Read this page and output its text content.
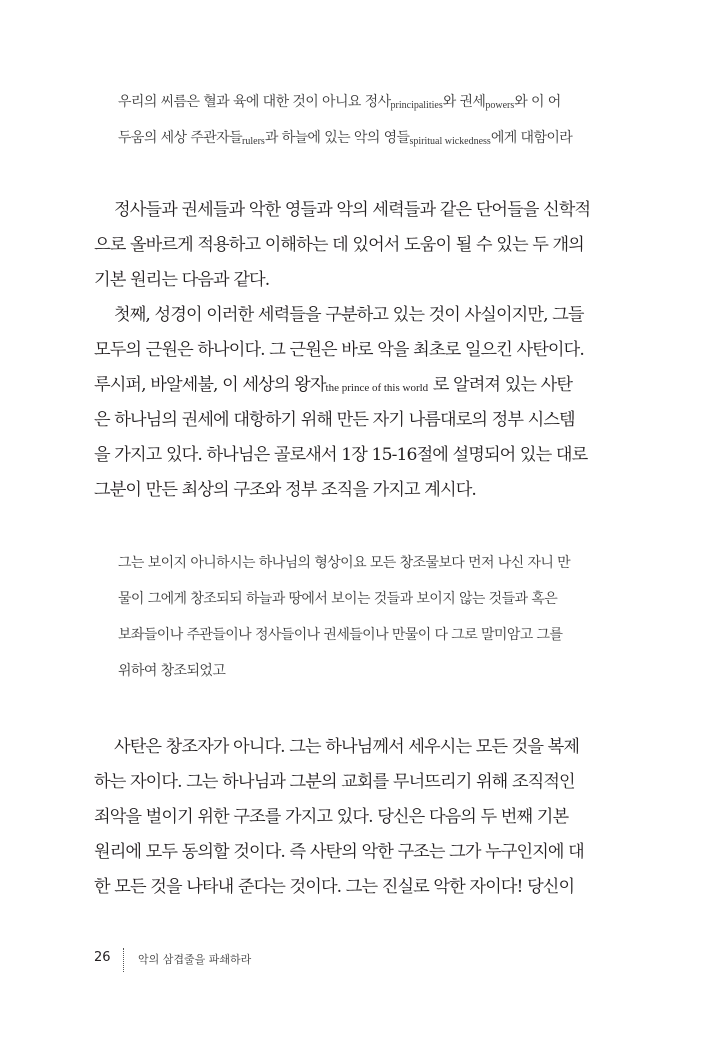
우리의 씨름은 혈과 육에 대한 것이 아니요 정사$_{principalities}$와 권세$_{powers}$와 이 어
두움의 세상 주관자들$_{rulers}$과 하늘에 있는 악의 영들$_{spiritual wickedness}$에게 대함이라
정사들과 권세들과 악한 영들과 악의 세력들과 같은 단어들을 신학적
으로 올바르게 적용하고 이해하는 데 있어서 도움이 될 수 있는 두 개의
기본 원리는 다음과 같다.
첫째, 성경이 이러한 세력들을 구분하고 있는 것이 사실이지만, 그들
모두의 근원은 하나이다. 그 근원은 바로 악을 최초로 일으킨 사탄이다.
루시퍼, 바알세불, 이 세상의 왕자the prince of this world 로 알려져 있는 사탄
은 하나님의 권세에 대항하기 위해 만든 자기 나름대로의 정부 시스템
을 가지고 있다. 하나님은 골로새서 1장 15-16절에 설명되어 있는 대로
그분이 만든 최상의 구조와 정부 조직을 가지고 계시다.
그는 보이지 아니하시는 하나님의 형상이요 모든 창조물보다 먼저 나신 자니 만
물이 그에게 창조되되 하늘과 땅에서 보이는 것들과 보이지 않는 것들과 혹은
보좌들이나 주관들이나 정사들이나 권세들이나 만물이 다 그로 말미암고 그를
위하여 창조되었고
사탄은 창조자가 아니다. 그는 하나님께서 세우시는 모든 것을 복제
하는 자이다. 그는 하나님과 그분의 교회를 무너뜨리기 위해 조직적인
죄악을 벌이기 위한 구조를 가지고 있다. 당신은 다음의 두 번째 기본
원리에 모두 동의할 것이다. 즉 사탄의 악한 구조는 그가 누구인지에 대
한 모든 것을 나타내 준다는 것이다. 그는 진실로 악한 자이다! 당신이
26 악의 삼겹줄을 파쇄하라
